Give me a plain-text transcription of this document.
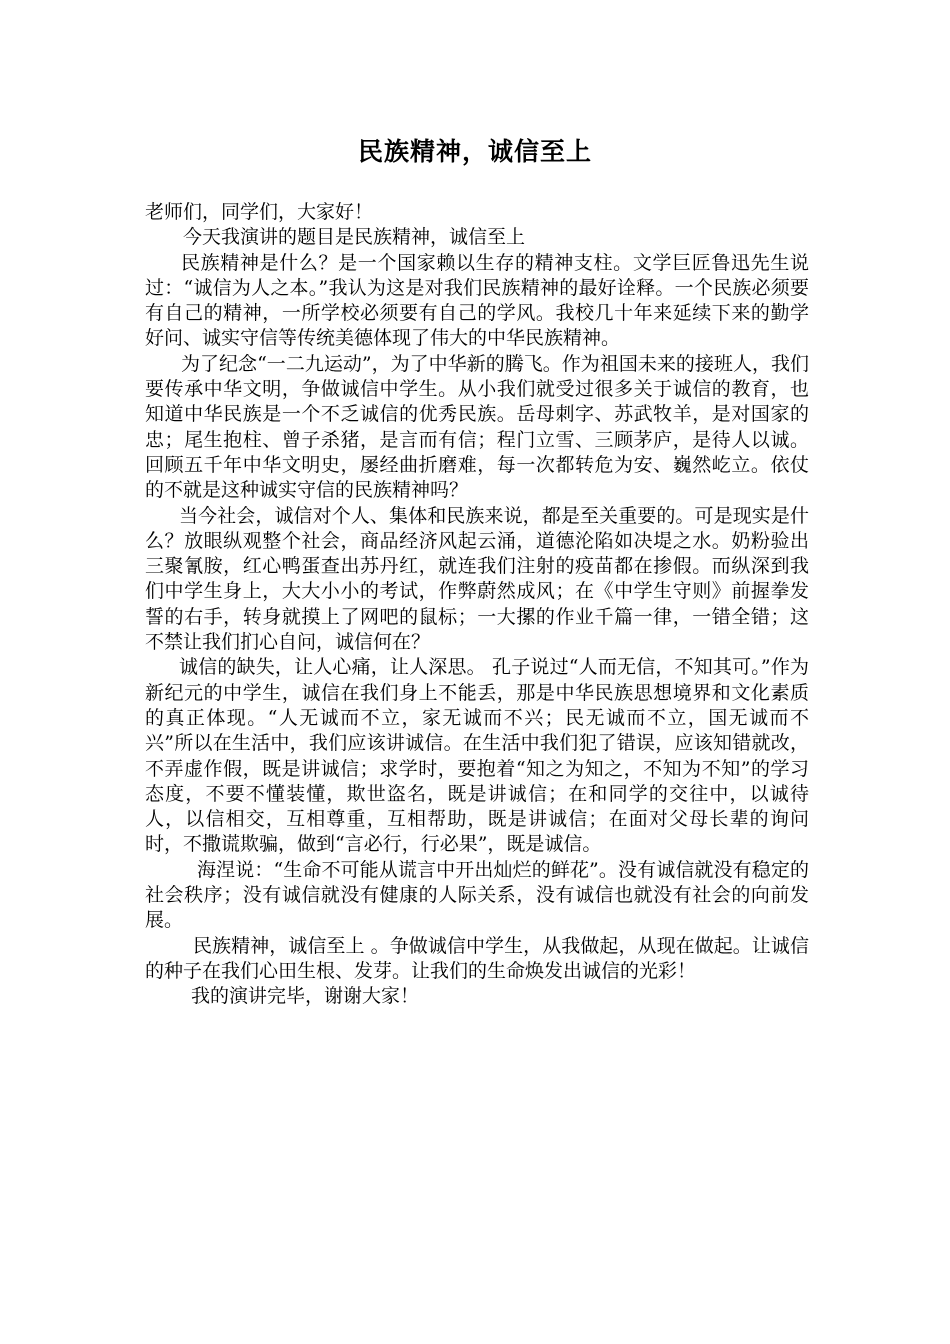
民族精神，诚信至上

老师们，同学们，大家好！

今天我演讲的题目是民族精神，诚信至上

民族精神是什么？是一个国家赖以生存的精神支柱。文学巨匠鲁迅先生说过：“诚信为人之本。”我认为这是对我们民族精神的最好诠释。一个民族必须要有自己的精神，一所学校必须要有自己的学风。我校几十年来延续下来的勤学好问、诚实守信等传统美德体现了伟大的中华民族精神。

为了纪念“一二九运动”，为了中华新的腾飞。作为祖国未来的接班人，我们要传承中华文明，争做诚信中学生。从小我们就受过很多关于诚信的教育，也知道中华民族是一个不乏诚信的优秀民族。岳母刺字、苏武牧羊，是对国家的忠；尾生抱柱、曾子杀猪，是言而有信；程门立雪、三顾茅庐，是待人以诚。回顾五千年中华文明史，屡经曲折磨难，每一次都转危为安、巍然屹立。依仗的不就是这种诚实守信的民族精神吗？

当今社会，诚信对个人、集体和民族来说，都是至关重要的。可是现实是什么？放眼纵观整个社会，商品经济风起云涌，道德沦陷如决堤之水。奶粉验出三聚氰胺，红心鸭蛋查出苏丹红，就连我们注射的疫苗都在掺假。而纵深到我们中学生身上，大大小小的考试，作弊蔚然成风；在《中学生守则》前握拳发誓的右手，转身就摸上了网吧的鼠标；一大摞的作业千篇一律，一错全错；这不禁让我们扪心自问，诚信何在？

诚信的缺失，让人心痛，让人深思。 孔子说过“人而无信，不知其可。”作为新纪元的中学生，诚信在我们身上不能丢，那是中华民族思想境界和文化素质的真正体现。“人无诚而不立，家无诚而不兴；民无诚而不立，国无诚而不兴”所以在生活中，我们应该讲诚信。在生活中我们犯了错误，应该知错就改，不弄虚作假，既是讲诚信；求学时，要抱着“知之为知之，不知为不知”的学习态度，不要不懂装懂，欺世盗名，既是讲诚信；在和同学的交往中，以诚待人，以信相交，互相尊重，互相帮助，既是讲诚信；在面对父母长辈的询问时，不撒谎欺骗，做到“言必行，行必果”，既是诚信。

海涅说：“生命不可能从谎言中开出灿烂的鲜花”。没有诚信就没有稳定的社会秩序；没有诚信就没有健康的人际关系，没有诚信也就没有社会的向前发展。

民族精神，诚信至上 。争做诚信中学生，从我做起，从现在做起。让诚信的种子在我们心田生根、发芽。让我们的生命焕发出诚信的光彩！

我的演讲完毕，谢谢大家！
